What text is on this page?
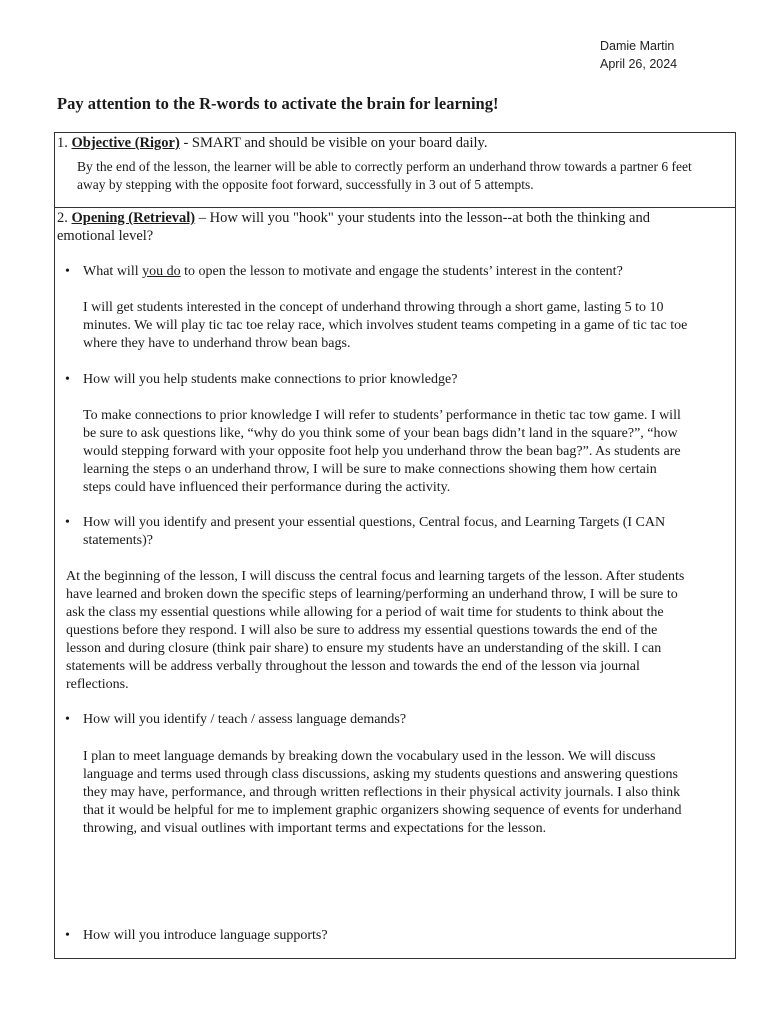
Damie Martin
April 26, 2024
Pay attention to the R-words to activate the brain for learning!
1. Objective (Rigor) - SMART and should be visible on your board daily.
By the end of the lesson, the learner will be able to correctly perform an underhand throw towards a partner 6 feet
away by stepping with the opposite foot forward, successfully in 3 out of 5 attempts.
2. Opening (Retrieval) – How will you "hook" your students into the lesson--at both the thinking and
emotional level?
• What will you do to open the lesson to motivate and engage the students’ interest in the content?
I will get students interested in the concept of underhand throwing through a short game, lasting 5 to 10
minutes. We will play tic tac toe relay race, which involves student teams competing in a game of tic tac toe
where they have to underhand throw bean bags.
• How will you help students make connections to prior knowledge?
To make connections to prior knowledge I will refer to students’ performance in thetic tac tow game. I will
be sure to ask questions like, “why do you think some of your bean bags didn’t land in the square?”, “how
would stepping forward with your opposite foot help you underhand throw the bean bag?”. As students are
learning the steps o an underhand throw, I will be sure to make connections showing them how certain
steps could have influenced their performance during the activity.
• How will you identify and present your essential questions, Central focus, and Learning Targets (I CAN
statements)?
At the beginning of the lesson, I will discuss the central focus and learning targets of the lesson. After students
have learned and broken down the specific steps of learning/performing an underhand throw, I will be sure to
ask the class my essential questions while allowing for a period of wait time for students to think about the
questions before they respond. I will also be sure to address my essential questions towards the end of the
lesson and during closure (think pair share) to ensure my students have an understanding of the skill. I can
statements will be address verbally throughout the lesson and towards the end of the lesson via journal
reflections.
• How will you identify / teach / assess language demands?
I plan to meet language demands by breaking down the vocabulary used in the lesson. We will discuss
language and terms used through class discussions, asking my students questions and answering questions
they may have, performance, and through written reflections in their physical activity journals. I also think
that it would be helpful for me to implement graphic organizers showing sequence of events for underhand
throwing, and visual outlines with important terms and expectations for the lesson.
• How will you introduce language supports?
